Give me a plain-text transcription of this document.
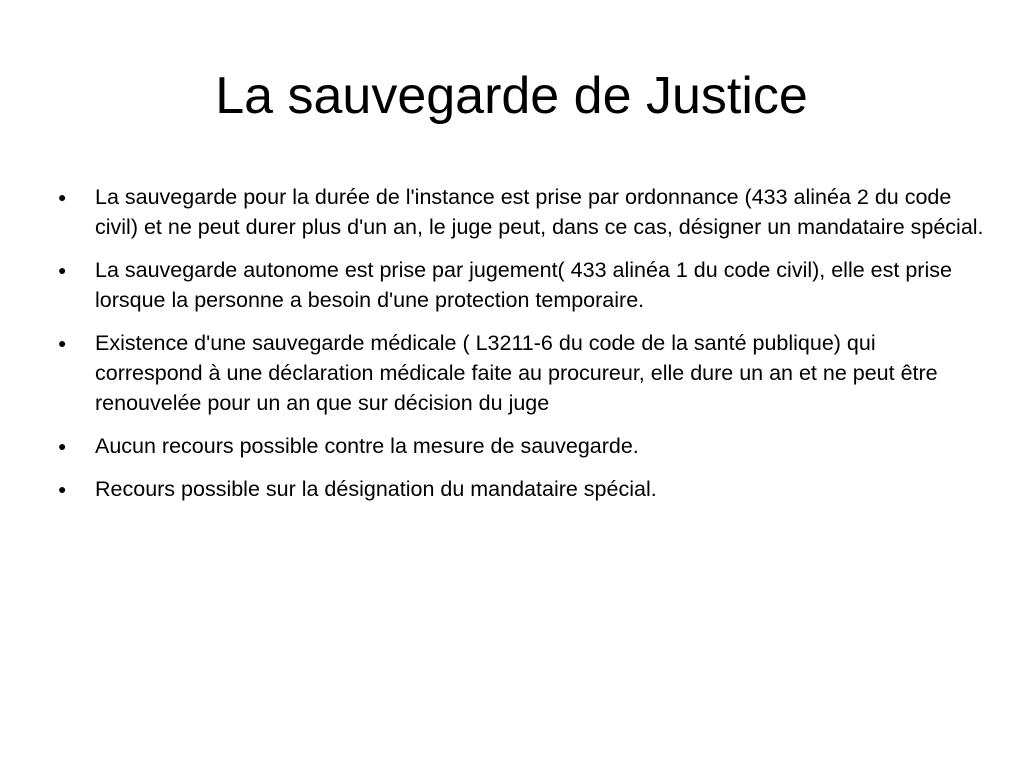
La sauvegarde de Justice
● La sauvegarde pour la durée de l'instance est prise par ordonnance (433 alinéa 2 du code civil) et ne peut durer plus d'un an, le juge peut, dans ce cas, désigner un mandataire spécial.
● La sauvegarde autonome est prise par jugement( 433 alinéa 1 du code civil), elle est prise lorsque la personne a besoin d'une protection temporaire.
● Existence d'une sauvegarde médicale ( L3211-6 du code de la santé publique) qui correspond à une déclaration médicale faite au procureur, elle dure un an et ne peut être renouvelée pour un an que sur décision du juge
● Aucun recours possible contre la mesure de sauvegarde.
● Recours possible sur la désignation du mandataire spécial.
